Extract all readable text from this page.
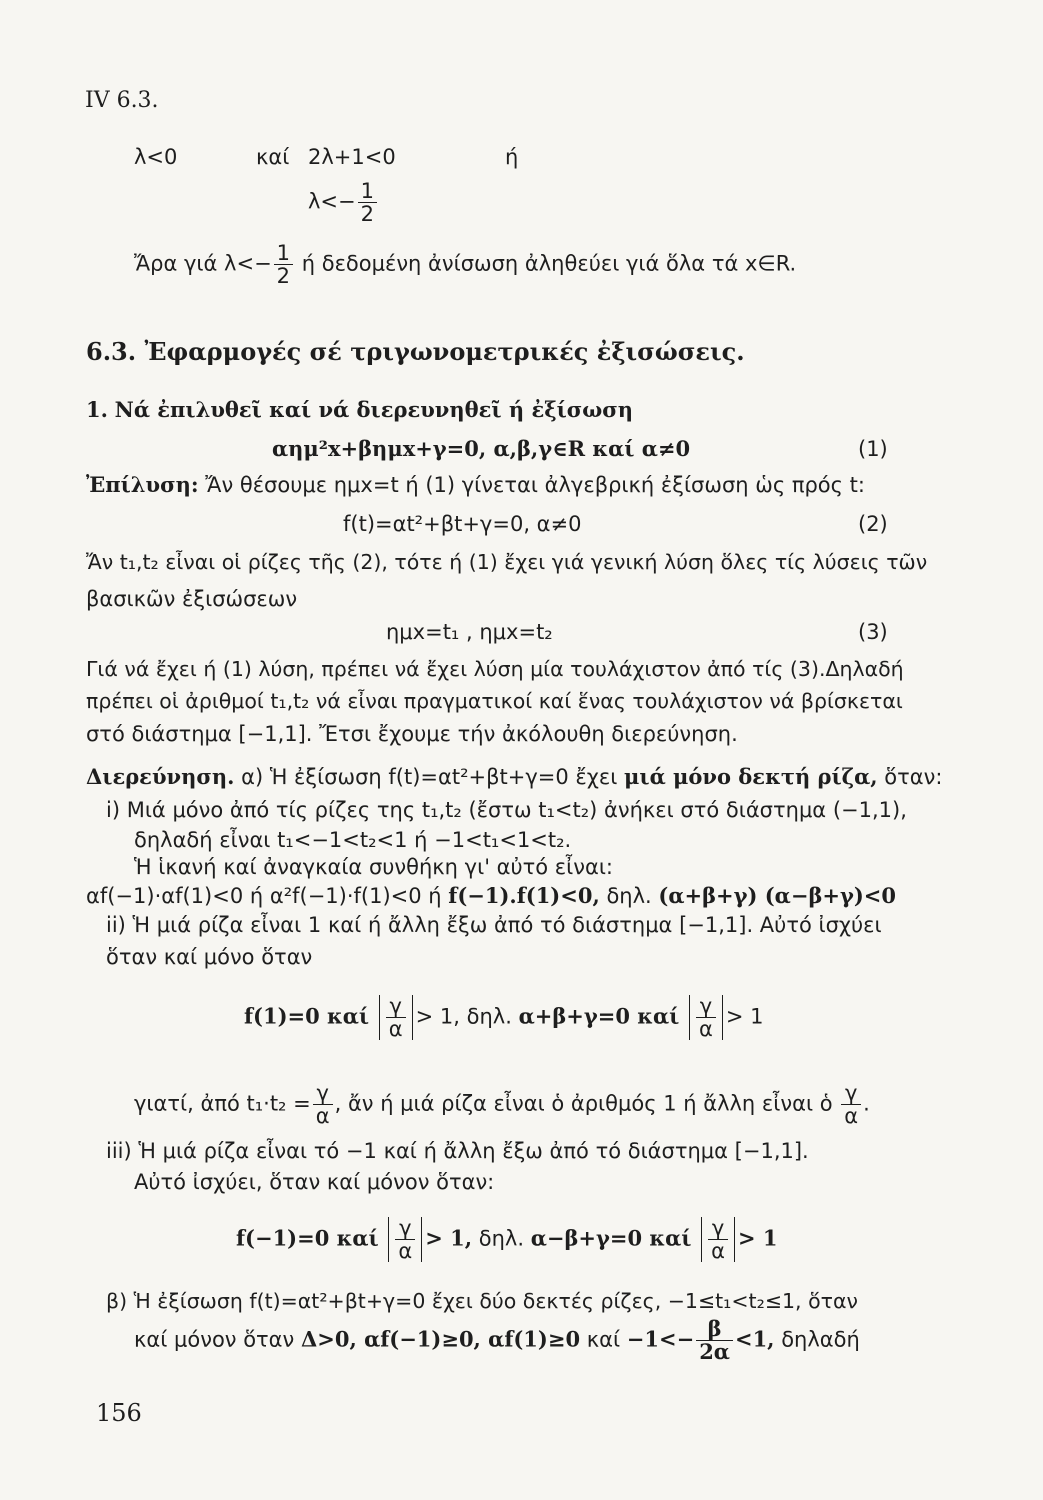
IV 6.3.
λ<0	καί 2λ+1<0	ή
$\lambda<- \frac{1}{2}$
Ἄρα γιά $\lambda<- \frac{1}{2}$ ή δεδομένη ἀνίσωση ἀληθεύει γιά ὅλα τά x∈R.
6.3. Ἐφαρμογές σέ τριγωνομετρικές ἐξισώσεις.
1. Νά ἐπιλυθεῖ καί νά διερευνηθεῖ ή ἐξίσωση
αημ²x+βημx+γ=0, α,β,γ∈R καί α≠0	(1)
Ἐπίλυση: Ἄν θέσουμε ημx=t ή (1) γίνεται ἀλγεβρική ἐξίσωση ὡς πρός t:
f(t)=αt²+βt+γ=0, α≠0	(2)
Ἄν t₁,t₂ εἶναι οἱ ρίζες τῆς (2), τότε ή (1) ἔχει γιά γενική λύση ὅλες τίς λύσεις τῶν
βασικῶν ἐξισώσεων
ημx=t₁ , ημx=t₂	(3)
Γιά νά ἔχει ή (1) λύση, πρέπει νά ἔχει λύση μία τουλάχιστον ἀπό τίς (3).Δηλαδή
πρέπει οἱ ἀριθμοί t₁,t₂ νά εἶναι πραγματικοί καί ἕνας τουλάχιστον νά βρίσκεται
στό διάστημα [−1,1]. Ἔτσι ἔχουμε τήν ἀκόλουθη διερεύνηση.
Διερεύνηση. α) Ἡ ἐξίσωση f(t)=αt²+βt+γ=0 ἔχει μιά μόνο δεκτή ρίζα, ὅταν:
i) Μιά μόνο ἀπό τίς ρίζες της t₁,t₂ (ἔστω t₁<t₂) ἀνήκει στό διάστημα (−1,1),
δηλαδή εἶναι t₁<−1<t₂<1 ή −1<t₁<1<t₂.
Ἡ ἱκανή καί ἀναγκαία συνθήκη γι' αὐτό εἶναι:
αf(−1)·αf(1)<0 ή α²f(−1)·f(1)<0 ή f(−1).f(1)<0, δηλ. (α+β+γ) (α−β+γ)<0
ii) Ἡ μιά ρίζα εἶναι 1 καί ή ἄλλη ἔξω ἀπό τό διάστημα [−1,1]. Αὐτό ἰσχύει
ὅταν καί μόνο ὅταν
f(1)=0 καί $\frac{\gamma}{\alpha} > 1$, δηλ. α+β+γ=0 καί $\frac{\gamma}{\alpha} > 1$
γιατί, ἀπό $t_1\cdot t_2 = \frac{\gamma}{\alpha}$ , ἄν ή μιά ρίζα εἶναι ὁ ἀριθμός 1 ή ἄλλη εἶναι ὁ $\frac{\gamma}{\alpha}$ .
iii) Ἡ μιά ρίζα εἶναι τό −1 καί ή ἄλλη ἔξω ἀπό τό διάστημα [−1,1].
Αὐτό ἰσχύει, ὅταν καί μόνον ὅταν:
f(−1)=0 καί $\frac{\gamma}{\alpha} > 1$, δηλ. α−β+γ=0 καί $\frac{\gamma}{\alpha} > 1$
β) Ἡ ἐξίσωση f(t)=αt²+βt+γ=0 ἔχει δύο δεκτές ρίζες, −1≤t₁<t₂≤1, ὅταν
καί μόνον ὅταν Δ>0, αf(−1)≥0, αf(1)≥0 $\kappa\alpha ί -1<- \frac{\beta}{2\alpha} <1$, δηλαδή
156
